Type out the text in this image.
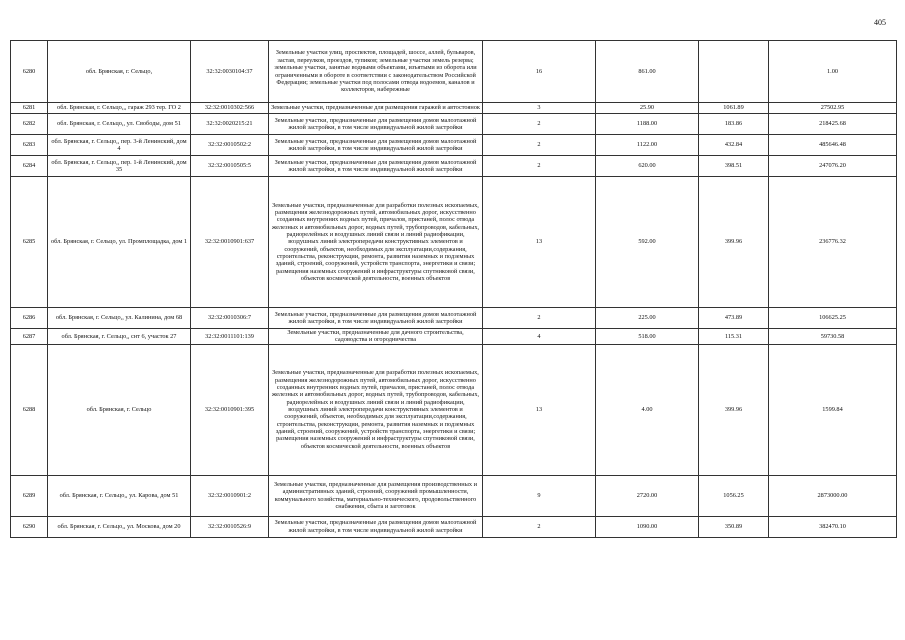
405
6280	обл. Брянская, г. Сельцо,	32:32:0030104:37	Земельные участки улиц, проспектов, площадей, шоссе, аллей, бульваров, застав, переулков, проездов, тупиков; земельные участки земель резерва; земельные участки, занятые водными объектами, изъятыми из оборота или ограниченными в обороте в соответствии с законодательством Российской Федерации; земельные участки под полосами отвода водоемов, каналов и коллекторов, набережные	16	861.00		1.00
6281	обл. Брянская, г. Сельцо,,, гараж 293 тер. ГО 2	32:32:0010302:566	Земельные участки, предназначенные для размещения гаражей и автостоянок	3	25.90	1061.89	27502.95
6282	обл. Брянская, г. Сельцо,, ул. Свободы, дом 51	32:32:0020215:21	Земельные участки, предназначенные для размещения домов малоэтажной жилой застройки, в том числе индивидуальной жилой застройки	2	1188.00	183.86	218425.68
6283	обл. Брянская, г. Сельцо,, пер. 3-й Ленинский, дом 4	32:32:0010502:2	Земельные участки, предназначенные для размещения домов малоэтажной жилой застройки, в том числе индивидуальной жилой застройки	2	1122.00	432.84	485646.48
6284	обл. Брянская, г. Сельцо,, пер. 1-й Ленинский, дом 35	32:32:0010505:5	Земельные участки, предназначенные для размещения домов малоэтажной жилой застройки, в том числе индивидуальной жилой застройки	2	620.00	398.51	247076.20
6285	обл. Брянская, г. Сельцо, ул. Промплощадка, дом 1	32:32:0010901:637	Земельные участки, предназначенные для разработки полезных ископаемых, размещения железнодорожных путей, автомобильных дорог, искусственно созданных внутренних водных путей, причалов, пристаней, полос отвода железных и автомобильных дорог, водных путей, трубопроводов, кабельных, радиорелейных и воздушных линий связи и линий радиофикации, воздушных линий электропередачи конструктивных элементов и сооружений, объектов, необходимых для эксплуатации,содержания, строительства, реконструкции, ремонта, развития наземных и подземных зданий, строений, сооружений, устройств транспорта, энергетики и связи; размещения наземных сооружений и инфраструктуры спутниковой связи, объектов космической деятельности, военных объектов	13	592.00	399.96	236776.32
6286	обл. Брянская, г. Сельцо,, ул. Калинина, дом 68	32:32:0010306:7	Земельные участки, предназначенные для размещения домов малоэтажной жилой застройки, в том числе индивидуальной жилой застройки	2	225.00	473.89	106625.25
6287	обл. Брянская, г. Сельцо,, снт 6, участок 27	32:32:0011101:139	Земельные участки, предназначенные для дачного строительства, садоводства и огородничества	4	518.00	115.31	59730.58
6288	обл. Брянская, г. Сельцо	32:32:0010901:395	Земельные участки, предназначенные для разработки полезных ископаемых, размещения железнодорожных путей, автомобильных дорог, искусственно созданных внутренних водных путей, причалов, пристаней, полос отвода железных и автомобильных дорог, водных путей, трубопроводов, кабельных, радиорелейных и воздушных линий связи и линий радиофикации, воздушных линий электропередачи конструктивных элементов и сооружений, объектов, необходимых для эксплуатации,содержания, строительства, реконструкции, ремонта, развития наземных и подземных зданий, строений, сооружений, устройств транспорта, энергетики и связи; размещения наземных сооружений и инфраструктуры спутниковой связи, объектов космической деятельности, военных объектов	13	4.00	399.96	1599.84
6289	обл. Брянская, г. Сельцо,, ул. Карова, дом 51	32:32:0010901:2	Земельные участки, предназначенные для размещения производственных и административных зданий, строений, сооружений промышленности, коммунального хозяйства, материально-технического, продовольственного снабжения, сбыта и заготовок	9	2720.00	1056.25	2873000.00
6290	обл. Брянская, г. Сельцо,, ул. Москова, дом 20	32:32:0010526:9	Земельные участки, предназначенные для размещения домов малоэтажной жилой застройки, в том числе индивидуальной жилой застройки	2	1090.00	350.89	382470.10
